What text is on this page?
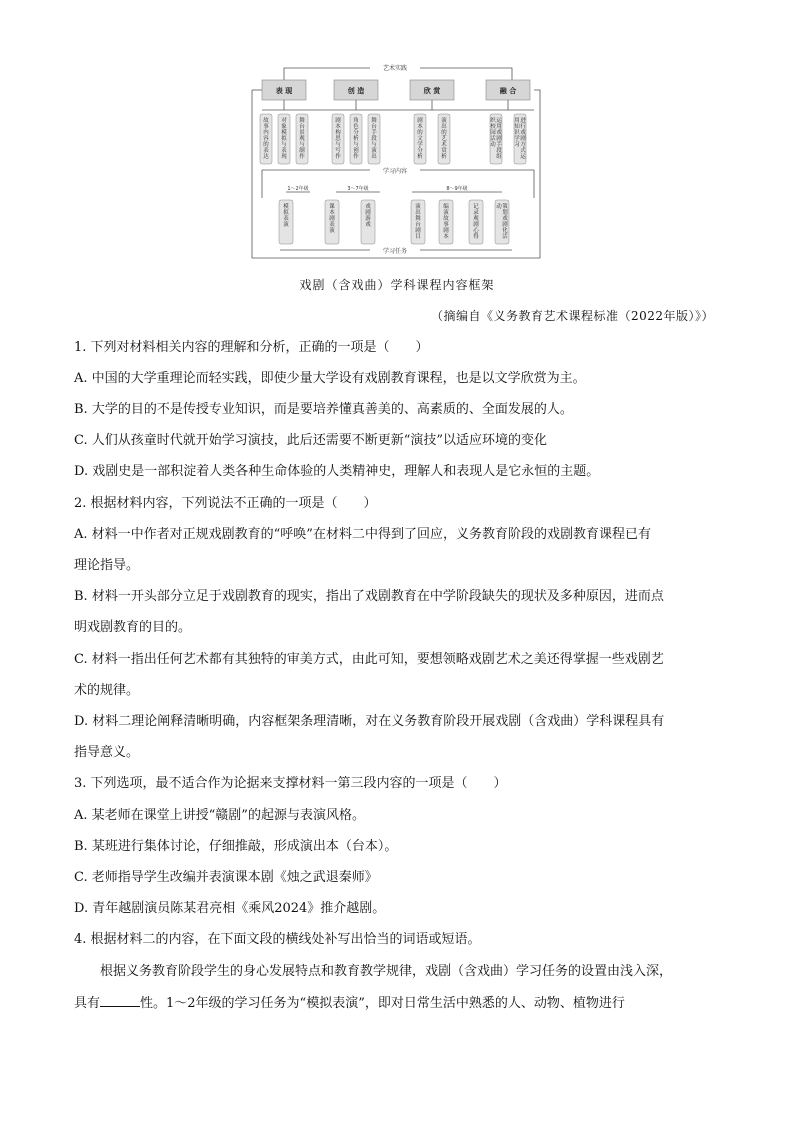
艺术实践
表 现	创 造	欣 赏	融 合
故事内容的表达
对象模拟与表现
舞台景观与制作
剧本构思与写作
角色分析与创作
舞台手段与演出
剧本的文学分析
演出的艺术赏析
运用戏剧手段组
织校园活动
进行戏剧方式运
用知识学习
学习内容
1～2年级	3～7年级	8～9年级
模拟表演
课本剧表演
戏剧游戏
演出舞台剧目
编演故事剧本
记录观剧心得
策划戏剧化活
动
学习任务
戏剧（含戏曲）学科课程内容框架
（摘编自《义务教育艺术课程标准（2022年版）》）
1. 下列对材料相关内容的理解和分析，正确的一项是（　　）
A. 中国的大学重理论而轻实践，即使少量大学设有戏剧教育课程，也是以文学欣赏为主。
B. 大学的目的不是传授专业知识，而是要培养懂真善美的、高素质的、全面发展的人。
C. 人们从孩童时代就开始学习演技，此后还需要不断更新“演技”以适应环境的变化
D. 戏剧史是一部积淀着人类各种生命体验的人类精神史，理解人和表现人是它永恒的主题。
2. 根据材料内容，下列说法不正确的一项是（　　）
A. 材料一中作者对正规戏剧教育的“呼唤”在材料二中得到了回应，义务教育阶段的戏剧教育课程已有
理论指导。
B. 材料一开头部分立足于戏剧教育的现实，指出了戏剧教育在中学阶段缺失的现状及多种原因，进而点
明戏剧教育的目的。
C. 材料一指出任何艺术都有其独特的审美方式，由此可知，要想领略戏剧艺术之美还得掌握一些戏剧艺
术的规律。
D. 材料二理论阐释清晰明确，内容框架条理清晰，对在义务教育阶段开展戏剧（含戏曲）学科课程具有
指导意义。
3. 下列选项，最不适合作为论据来支撑材料一第三段内容的一项是（　　）
A. 某老师在课堂上讲授“赣剧”的起源与表演风格。
B. 某班进行集体讨论，仔细推敲，形成演出本（台本）。
C. 老师指导学生改编并表演课本剧《烛之武退秦师》
D. 青年越剧演员陈某君亮相《乘风2024》推介越剧。
4. 根据材料二的内容，在下面文段的横线处补写出恰当的词语或短语。
根据义务教育阶段学生的身心发展特点和教育教学规律，戏剧（含戏曲）学习任务的设置由浅入深，
具有	性。1～2年级的学习任务为“模拟表演”，即对日常生活中熟悉的人、动物、植物进行
